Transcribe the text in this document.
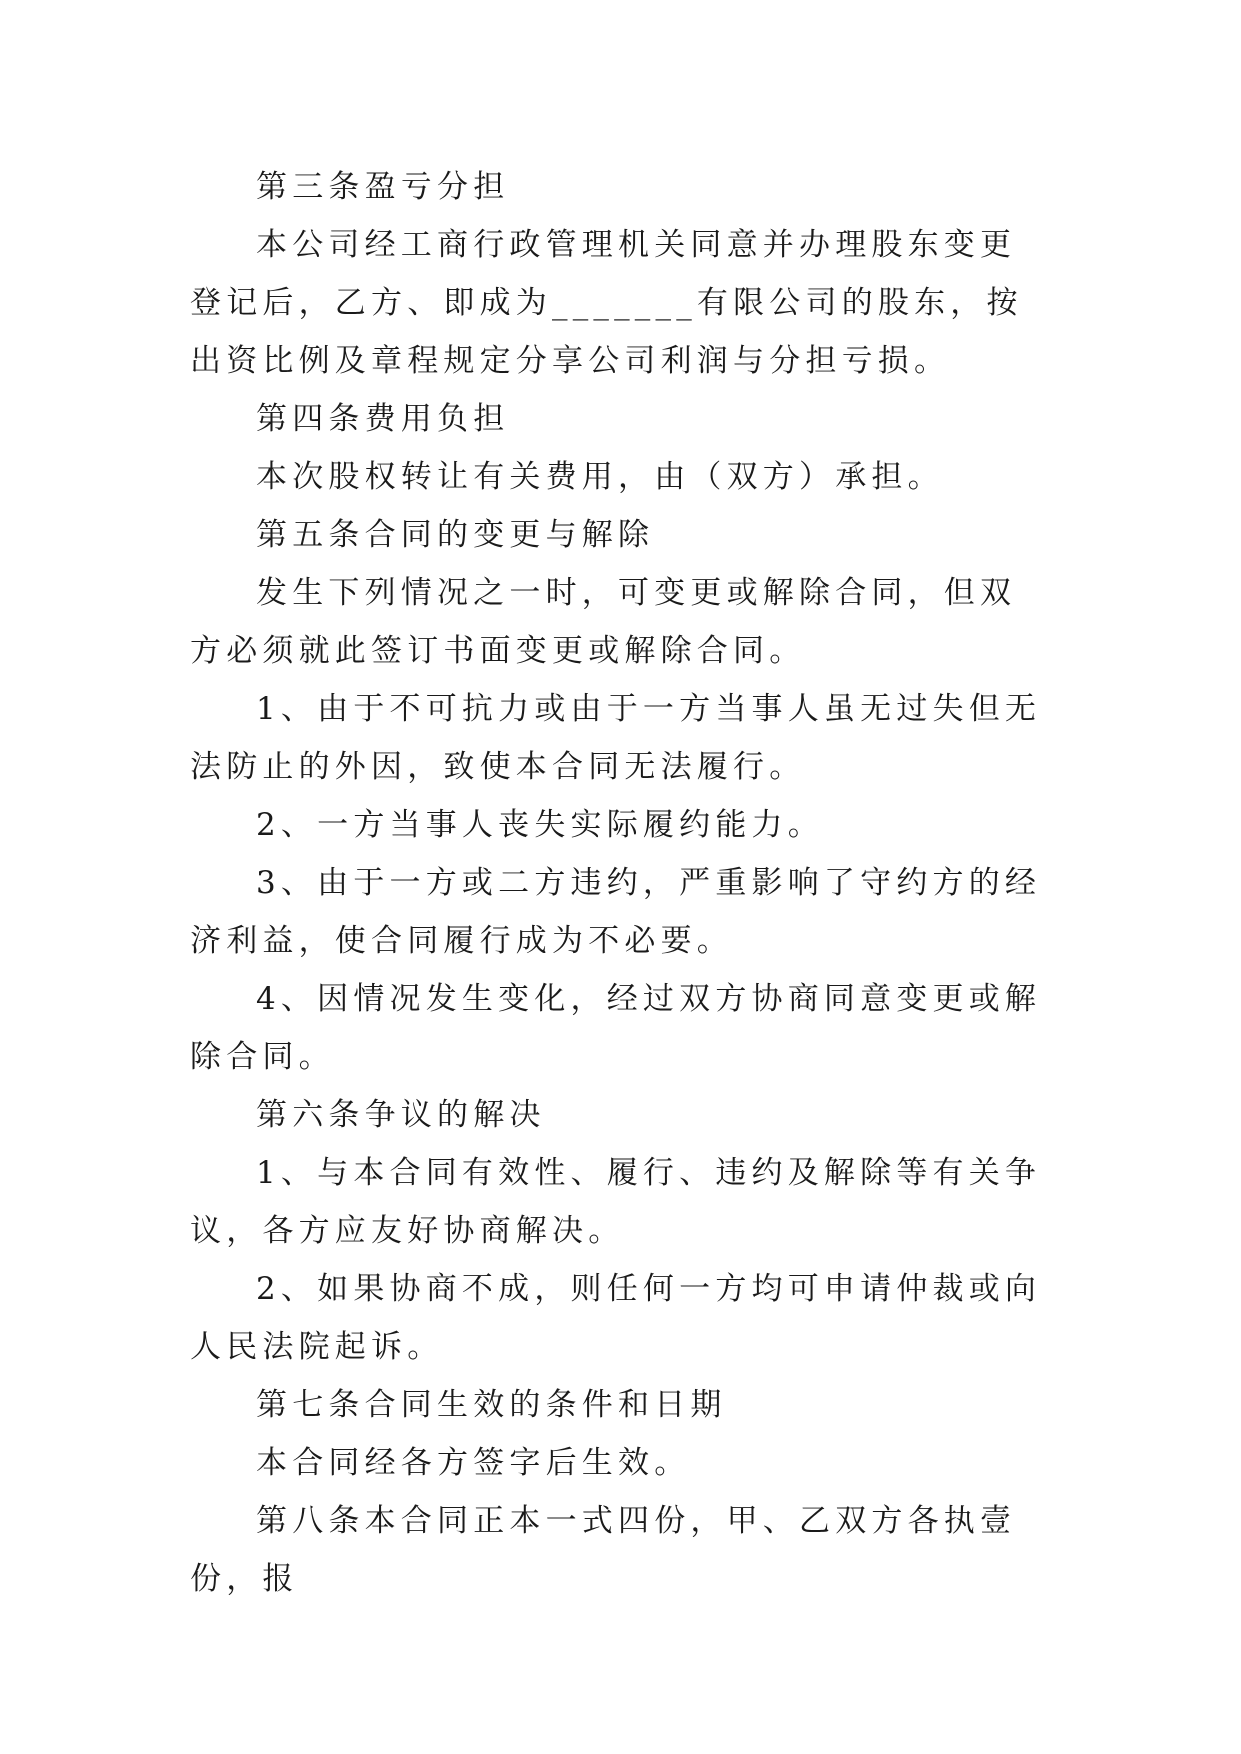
第三条盈亏分担

本公司经工商行政管理机关同意并办理股东变更登记后，乙方、即成为_______有限公司的股东，按出资比例及章程规定分享公司利润与分担亏损。

第四条费用负担

本次股权转让有关费用，由（双方）承担。

第五条合同的变更与解除

发生下列情况之一时，可变更或解除合同，但双方必须就此签订书面变更或解除合同。

1、由于不可抗力或由于一方当事人虽无过失但无法防止的外因，致使本合同无法履行。

2、一方当事人丧失实际履约能力。

3、由于一方或二方违约，严重影响了守约方的经济利益，使合同履行成为不必要。

4、因情况发生变化，经过双方协商同意变更或解除合同。

第六条争议的解决

1、与本合同有效性、履行、违约及解除等有关争议，各方应友好协商解决。

2、如果协商不成，则任何一方均可申请仲裁或向人民法院起诉。

第七条合同生效的条件和日期

本合同经各方签字后生效。

第八条本合同正本一式四份，甲、乙双方各执壹份，报
